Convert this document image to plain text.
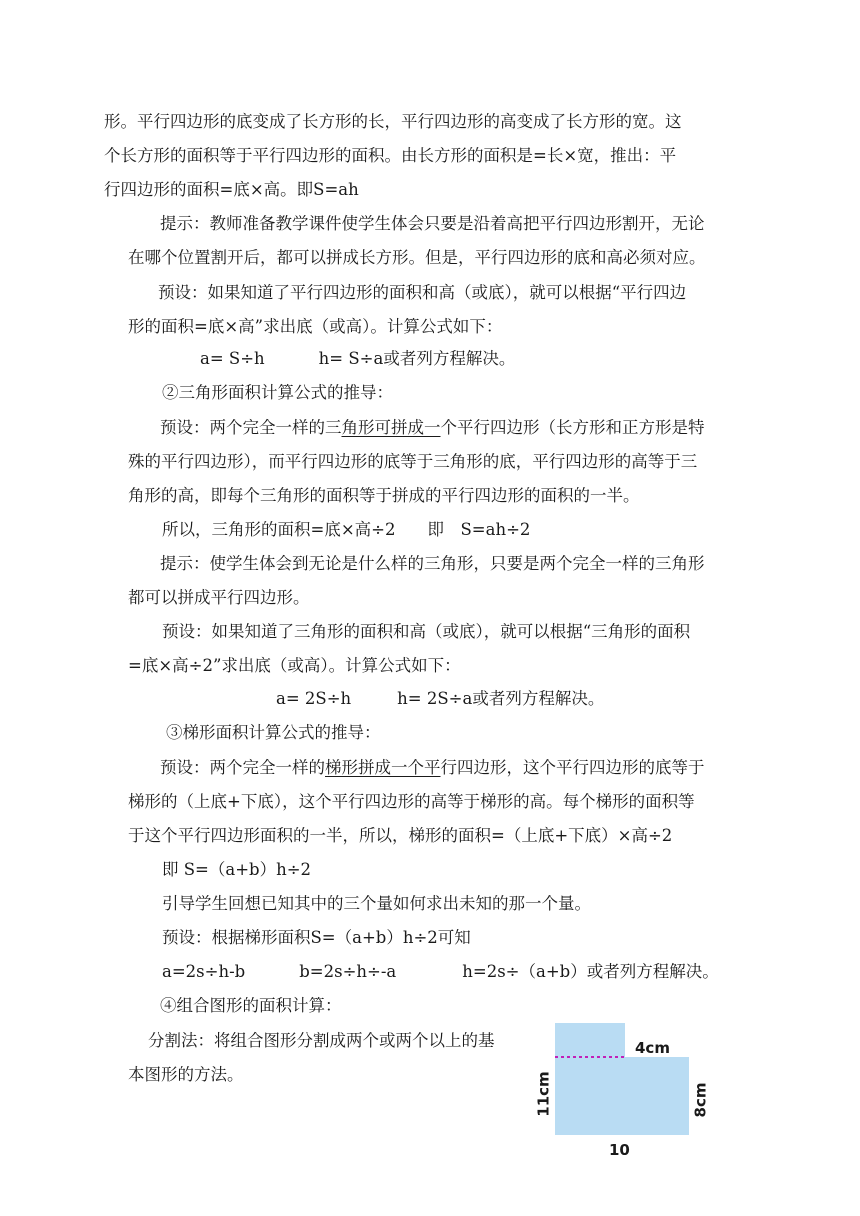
形。平行四边形的底变成了长方形的长，平行四边形的高变成了长方形的宽。这
个长方形的面积等于平行四边形的面积。由长方形的面积是=长×宽，推出：平
行四边形的面积=底×高。即S=ah
提示：教师准备教学课件使学生体会只要是沿着高把平行四边形割开，无论
在哪个位置割开后，都可以拼成长方形。但是，平行四边形的底和高必须对应。
预设：如果知道了平行四边形的面积和高（或底），就可以根据“平行四边
形的面积=底×高”求出底（或高）。计算公式如下：
a= S÷h	h= S÷a或者列方程解决。
②三角形面积计算公式的推导：
预设：两个完全一样的三角形可拼成一个平行四边形（长方形和正方形是特
殊的平行四边形），而平行四边形的底等于三角形的底，平行四边形的高等于三
角形的高，即每个三角形的面积等于拼成的平行四边形的面积的一半。
所以，三角形的面积=底×高÷2 即　S=ah÷2
提示：使学生体会到无论是什么样的三角形，只要是两个完全一样的三角形
都可以拼成平行四边形。
预设：如果知道了三角形的面积和高（或底），就可以根据“三角形的面积
=底×高÷2”求出底（或高）。计算公式如下：
a= 2S÷h	h= 2S÷a或者列方程解决。
③梯形面积计算公式的推导：
预设：两个完全一样的梯形拼成一个平行四边形，这个平行四边形的底等于
梯形的（上底+下底），这个平行四边形的高等于梯形的高。每个梯形的面积等
于这个平行四边形面积的一半，所以，梯形的面积=（上底+下底）×高÷2
即 S=（a+b）h÷2
引导学生回想已知其中的三个量如何求出未知的那一个量。
预设：根据梯形面积S=（a+b）h÷2可知
a=2s÷h-b	b=2s÷h÷-a	h=2s÷（a+b）或者列方程解决。
④组合图形的面积计算：
分割法：将组合图形分割成两个或两个以上的基
本图形的方法。
4cm
11cm	8cm
10
